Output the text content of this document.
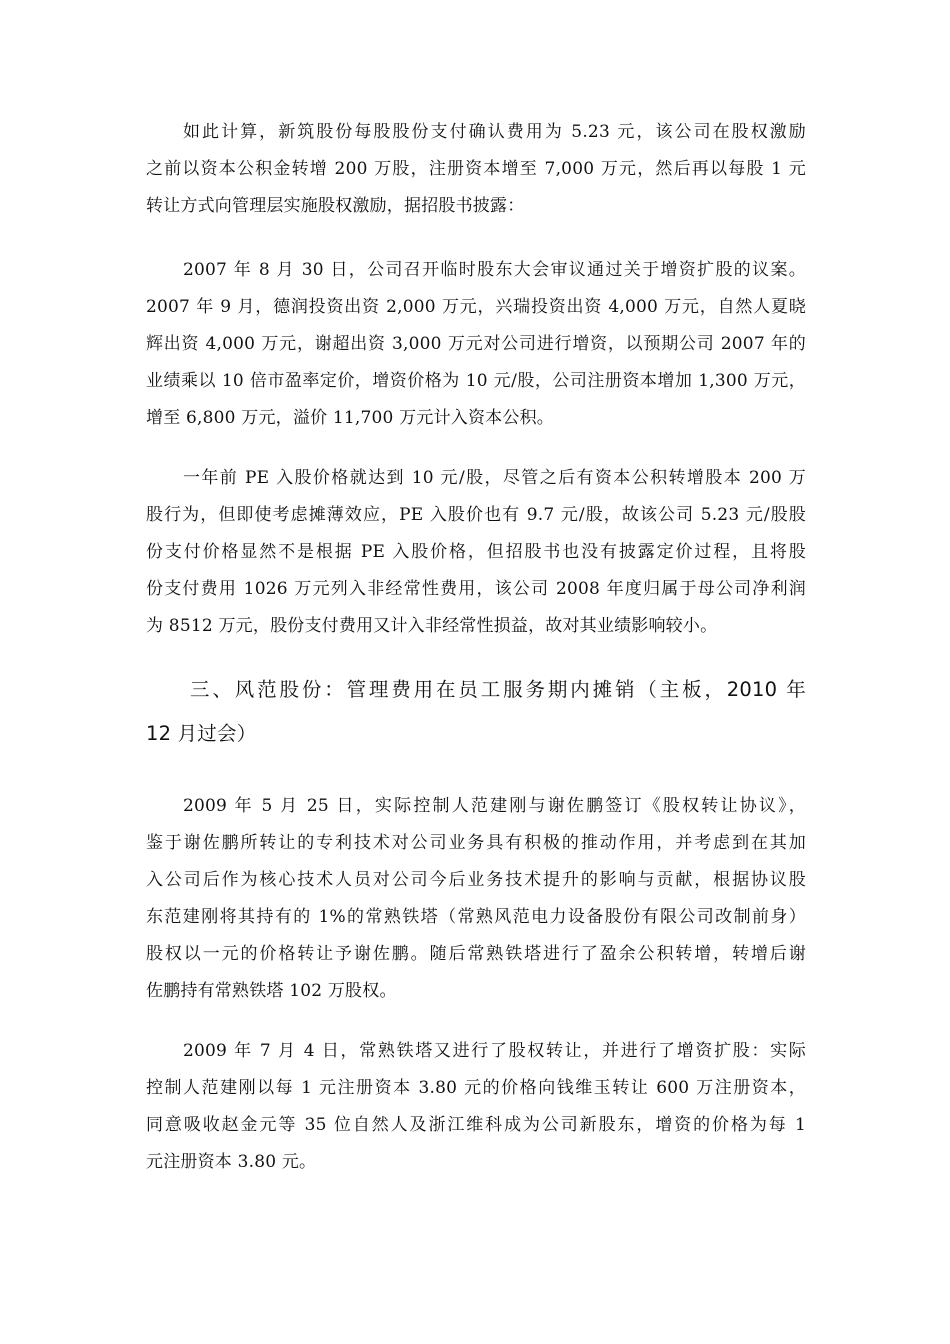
如此计算，新筑股份每股股份支付确认费用为 5.23 元，该公司在股权激励
之前以资本公积金转增 200 万股，注册资本增至 7,000 万元，然后再以每股 1 元
转让方式向管理层实施股权激励，据招股书披露：
2007 年 8 月 30 日，公司召开临时股东大会审议通过关于增资扩股的议案。
2007 年 9 月，德润投资出资 2,000 万元，兴瑞投资出资 4,000 万元，自然人夏晓
辉出资 4,000 万元，谢超出资 3,000 万元对公司进行增资，以预期公司 2007 年的
业绩乘以 10 倍市盈率定价，增资价格为 10 元/股，公司注册资本增加 1,300 万元，
增至 6,800 万元，溢价 11,700 万元计入资本公积。
一年前 PE 入股价格就达到 10 元/股，尽管之后有资本公积转增股本 200 万
股行为，但即使考虑摊薄效应，PE 入股价也有 9.7 元/股，故该公司 5.23 元/股股
份支付价格显然不是根据 PE 入股价格，但招股书也没有披露定价过程，且将股
份支付费用 1026 万元列入非经常性费用，该公司 2008 年度归属于母公司净利润
为 8512 万元，股份支付费用又计入非经常性损益，故对其业绩影响较小。
三、风范股份：管理费用在员工服务期内摊销（主板，2010 年
12 月过会）
2009 年 5 月 25 日，实际控制人范建刚与谢佐鹏签订《股权转让协议》，
鉴于谢佐鹏所转让的专利技术对公司业务具有积极的推动作用，并考虑到在其加
入公司后作为核心技术人员对公司今后业务技术提升的影响与贡献，根据协议股
东范建刚将其持有的 1%的常熟铁塔（常熟风范电力设备股份有限公司改制前身）
股权以一元的价格转让予谢佐鹏。随后常熟铁塔进行了盈余公积转增，转增后谢
佐鹏持有常熟铁塔 102 万股权。
2009 年 7 月 4 日，常熟铁塔又进行了股权转让，并进行了增资扩股：实际
控制人范建刚以每 1 元注册资本 3.80 元的价格向钱维玉转让 600 万注册资本，
同意吸收赵金元等 35 位自然人及浙江维科成为公司新股东，增资的价格为每 1
元注册资本 3.80 元。
